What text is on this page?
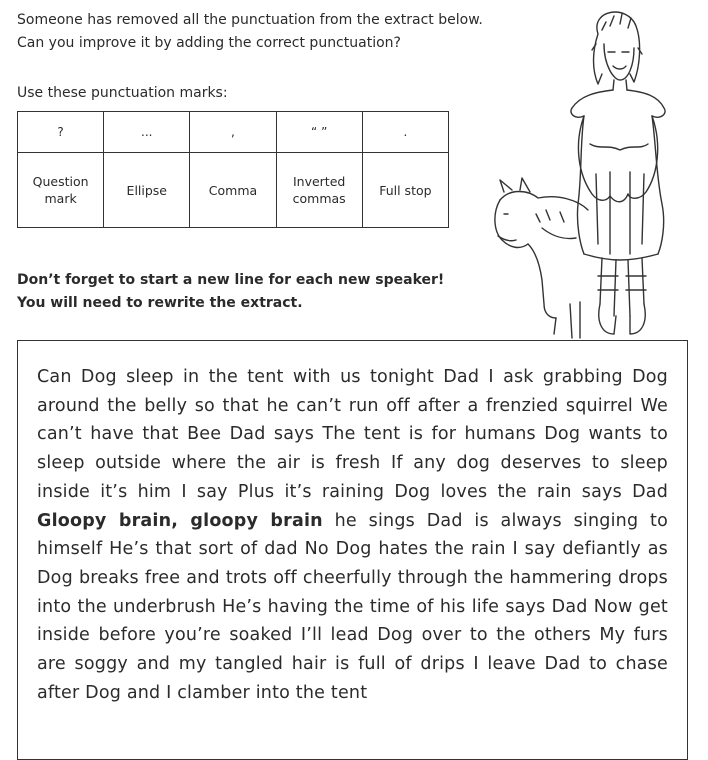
Someone has removed all the punctuation from the extract below.

Can you improve it by adding the correct punctuation?

Use these punctuation marks:
?	...	,	“ ”	.
Question
mark	Ellipse	Comma	Inverted
commas	Full stop

Don’t forget to start a new line for each new speaker!

You will need to rewrite the extract.

Can Dog sleep in the tent with us tonight Dad I ask grabbing Dog around the belly so that he can’t run off after a frenzied squirrel We can’t have that Bee Dad says The tent is for humans Dog wants to sleep outside where the air is fresh If any dog deserves to sleep inside it’s him I say Plus it’s raining Dog loves the rain says Dad Gloopy brain, gloopy brain he sings Dad is always singing to himself He’s that sort of dad No Dog hates the rain I say defiantly as Dog breaks free and trots off cheerfully through the hammering drops into the underbrush He’s having the time of his life says Dad Now get inside before you’re soaked I’ll lead Dog over to the others My furs are soggy and my tangled hair is full of drips I leave Dad to chase after Dog and I clamber into the tent
